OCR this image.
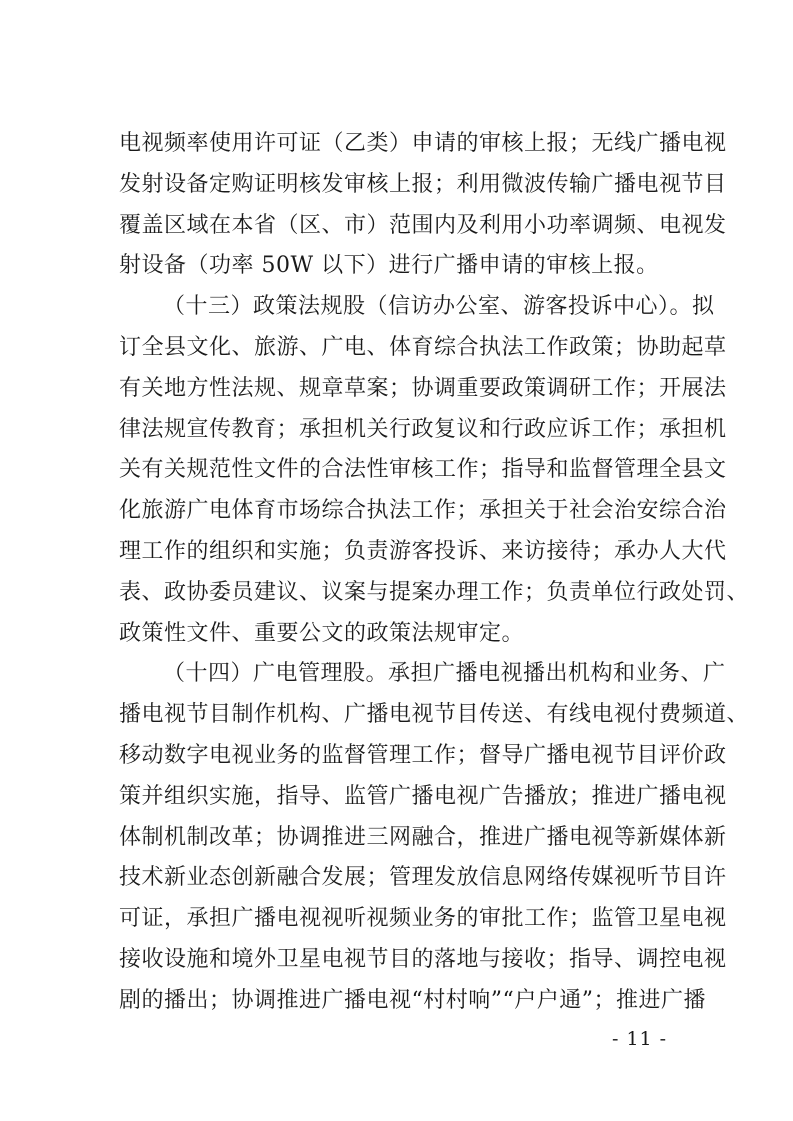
电视频率使用许可证（乙类）申请的审核上报；无线广播电视
发射设备定购证明核发审核上报；利用微波传输广播电视节目
覆盖区域在本省（区、市）范围内及利用小功率调频、电视发
射设备（功率 50W 以下）进行广播申请的审核上报。
（十三）政策法规股（信访办公室、游客投诉中心）。拟
订全县文化、旅游、广电、体育综合执法工作政策；协助起草
有关地方性法规、规章草案；协调重要政策调研工作；开展法
律法规宣传教育；承担机关行政复议和行政应诉工作；承担机
关有关规范性文件的合法性审核工作；指导和监督管理全县文
化旅游广电体育市场综合执法工作；承担关于社会治安综合治
理工作的组织和实施；负责游客投诉、来访接待；承办人大代
表、政协委员建议、议案与提案办理工作；负责单位行政处罚、
政策性文件、重要公文的政策法规审定。
（十四）广电管理股。承担广播电视播出机构和业务、广
播电视节目制作机构、广播电视节目传送、有线电视付费频道、
移动数字电视业务的监督管理工作；督导广播电视节目评价政
策并组织实施，指导、监管广播电视广告播放；推进广播电视
体制机制改革；协调推进三网融合，推进广播电视等新媒体新
技术新业态创新融合发展；管理发放信息网络传媒视听节目许
可证，承担广播电视视听视频业务的审批工作；监管卫星电视
接收设施和境外卫星电视节目的落地与接收；指导、调控电视
剧的播出；协调推进广播电视“村村响”“户户通”；推进广播
- 11 -
